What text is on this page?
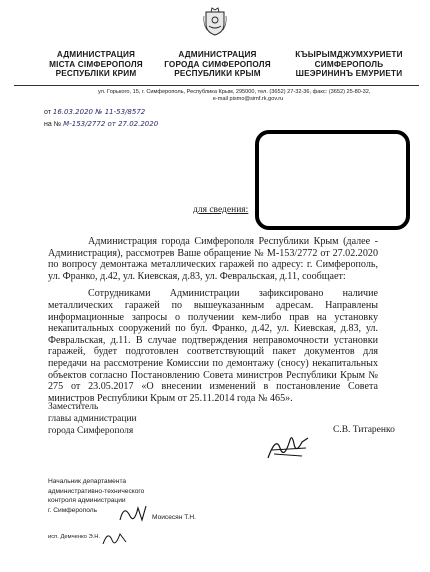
АДМИНИСТРАЦИЯ
МІСТА СІМФЕРОПОЛЯ
РЕСПУБЛІКИ КРИМ
АДМИНИСТРАЦИЯ
ГОРОДА СИМФЕРОПОЛЯ
РЕСПУБЛИКИ КРЫМ
КЪЫРЫМДЖУМХУРИЕТИ
СИМФЕРОПОЛЬ
ШЕЭРИНИНЪ ЕМУРИЕТИ
ул. Горького, 15, г. Симферополь, Республика Крым, 295000, тел. (3652) 27-32-36, факс: (3652) 25-80-32,
e-mail pismo@simf.rk.gov.ru
от 16.03.2020 № 11-53/8572
на № М-153/2772 от 27.02.2020
для сведения:

Администрация города Симферополя Республики Крым (далее - Администрация), рассмотрев Ваше обращение № М-153/2772 от 27.02.2020 по вопросу демонтажа металлических гаражей по адресу: г. Симферополь, ул. Франко, д.42, ул. Киевская, д.83, ул. Февральская, д.11, сообщает:

Сотрудниками Администрации зафиксировано наличие металлических гаражей по вышеуказанным адресам. Направлены информационные запросы о получении кем-либо прав на установку некапитальных сооружений по бул. Франко, д.42, ул. Киевская, д.83, ул. Февральская, д.11. В случае подтверждения неправомочности установки гаражей, будет подготовлен соответствующий пакет документов для передачи на рассмотрение Комиссии по демонтажу (сносу) некапитальных объектов согласно Постановлению Совета министров Республики Крым № 275 от 23.05.2017 «О внесении изменений в постановление Совета министров Республики Крым от 25.11.2014 года № 465».

Заместитель
главы администрации
города Симферополя	С.В. Титаренко
Начальник департамента
административно-технического
контроля администрации
г. Симферополь
Моисесян Т.Н.
исп. Демченко Э.Н.
